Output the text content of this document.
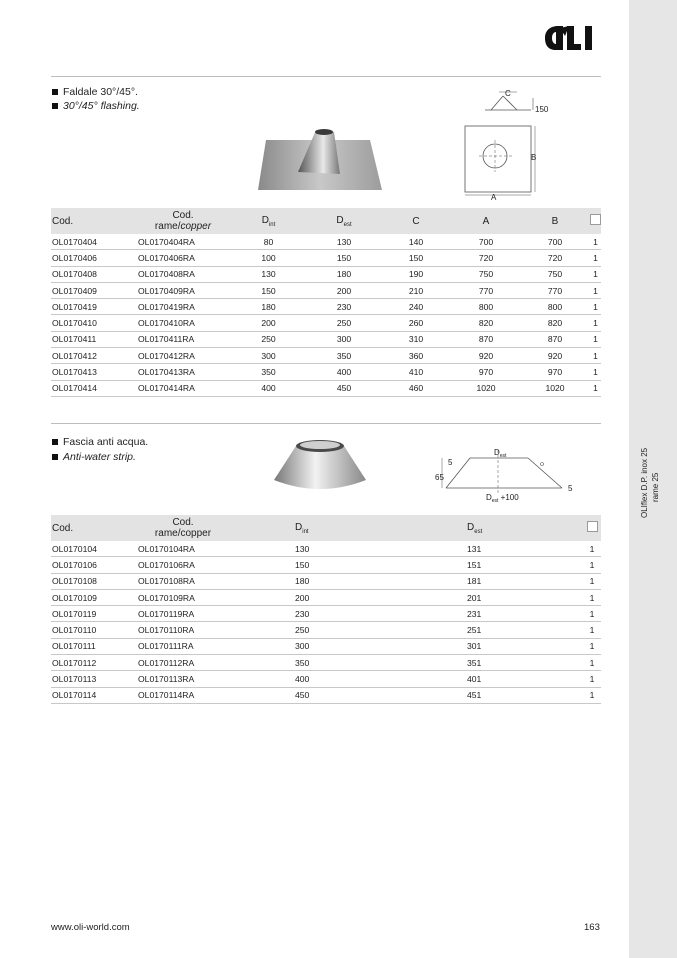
OLIflex D.P. inox 25 rame 25
Faldale 30°/45°.
30°/45° flashing.
C
150
B
A
Cod.	Cod.
rame/copper	$D_{int}$	$D_{est}$	C	A	B	
OL0170404	OL0170404RA	80	130	140	700	700	1
OL0170406	OL0170406RA	100	150	150	720	720	1
OL0170408	OL0170408RA	130	180	190	750	750	1
OL0170409	OL0170409RA	150	200	210	770	770	1
OL0170419	OL0170419RA	180	230	240	800	800	1
OL0170410	OL0170410RA	200	250	260	820	820	1
OL0170411	OL0170411RA	250	300	310	870	870	1
OL0170412	OL0170412RA	300	350	360	920	920	1
OL0170413	OL0170413RA	350	400	410	970	970	1
OL0170414	OL0170414RA	400	450	460	1020	1020	1
Fascia anti acqua.
Anti-water strip.	$D_{est}$
5
65
5
$D_{est} +100$
Cod.	Cod.
rame/copper	$D_{int}$	$D_{est}$	
OL0170104	OL0170104RA	130	131	1
OL0170106	OL0170106RA	150	151	1
OL0170108	OL0170108RA	180	181	1
OL0170109	OL0170109RA	200	201	1
OL0170119	OL0170119RA	230	231	1
OL0170110	OL0170110RA	250	251	1
OL0170111	OL0170111RA	300	301	1
OL0170112	OL0170112RA	350	351	1
OL0170113	OL0170113RA	400	401	1
OL0170114	OL0170114RA	450	451	1
www.oli-world.com	163
